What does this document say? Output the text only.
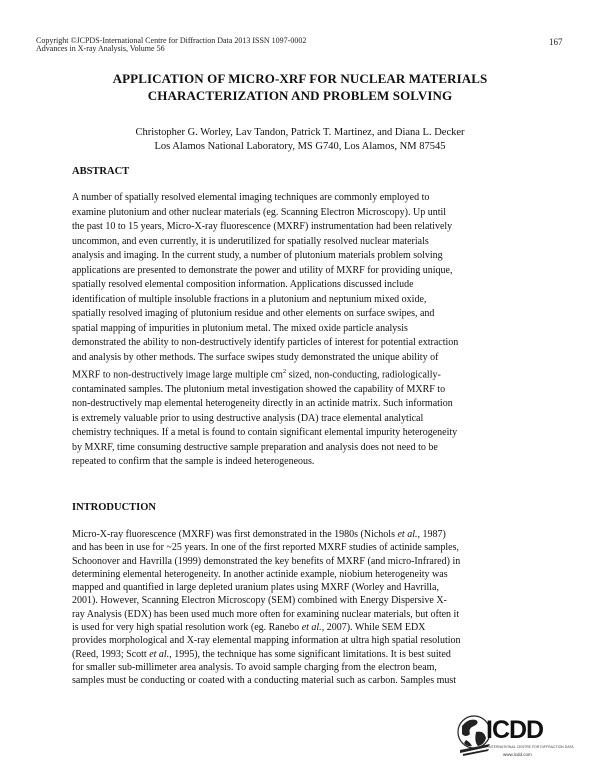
Copyright ©JCPDS-International Centre for Diffraction Data 2013 ISSN 1097-0002
Advances in X-ray Analysis, Volume 56
167
APPLICATION OF MICRO-XRF FOR NUCLEAR MATERIALS
CHARACTERIZATION AND PROBLEM SOLVING
Christopher G. Worley, Lav Tandon, Patrick T. Martinez, and Diana L. Decker
Los Alamos National Laboratory, MS G740, Los Alamos, NM 87545
ABSTRACT
A number of spatially resolved elemental imaging techniques are commonly employed to
examine plutonium and other nuclear materials (eg. Scanning Electron Microscopy). Up until
the past 10 to 15 years, Micro-X-ray fluorescence (MXRF) instrumentation had been relatively
uncommon, and even currently, it is underutilized for spatially resolved nuclear materials
analysis and imaging. In the current study, a number of plutonium materials problem solving
applications are presented to demonstrate the power and utility of MXRF for providing unique,
spatially resolved elemental composition information. Applications discussed include
identification of multiple insoluble fractions in a plutonium and neptunium mixed oxide,
spatially resolved imaging of plutonium residue and other elements on surface swipes, and
spatial mapping of impurities in plutonium metal. The mixed oxide particle analysis
demonstrated the ability to non-destructively identify particles of interest for potential extraction
and analysis by other methods. The surface swipes study demonstrated the unique ability of
MXRF to non-destructively image large multiple $cm^2$ sized, non-conducting, radiologically-
contaminated samples. The plutonium metal investigation showed the capability of MXRF to
non-destructively map elemental heterogeneity directly in an actinide matrix. Such information
is extremely valuable prior to using destructive analysis (DA) trace elemental analytical
chemistry techniques. If a metal is found to contain significant elemental impurity heterogeneity
by MXRF, time consuming destructive sample preparation and analysis does not need to be
repeated to confirm that the sample is indeed heterogeneous.
INTRODUCTION
Micro-X-ray fluorescence (MXRF) was first demonstrated in the 1980s (Nichols et al., 1987)
and has been in use for ~25 years. In one of the first reported MXRF studies of actinide samples,
Schoonover and Havrilla (1999) demonstrated the key benefits of MXRF (and micro-Infrared) in
determining elemental heterogeneity. In another actinide example, niobium heterogeneity was
mapped and quantified in large depleted uranium plates using MXRF (Worley and Havrilla,
2001). However, Scanning Electron Microscopy (SEM) combined with Energy Dispersive X-
ray Analysis (EDX) has been used much more often for examining nuclear materials, but often it
is used for very high spatial resolution work (eg. Ranebo et al., 2007). While SEM EDX
provides morphological and X-ray elemental mapping information at ultra high spatial resolution
(Reed, 1993; Scott et al., 1995), the technique has some significant limitations. It is best suited
for smaller sub-millimeter area analysis. To avoid sample charging from the electron beam,
samples must be conducting or coated with a conducting material such as carbon. Samples must
ICDD
INTERNATIONAL CENTRE FOR DIFFRACTION DATA
www.icdd.com
